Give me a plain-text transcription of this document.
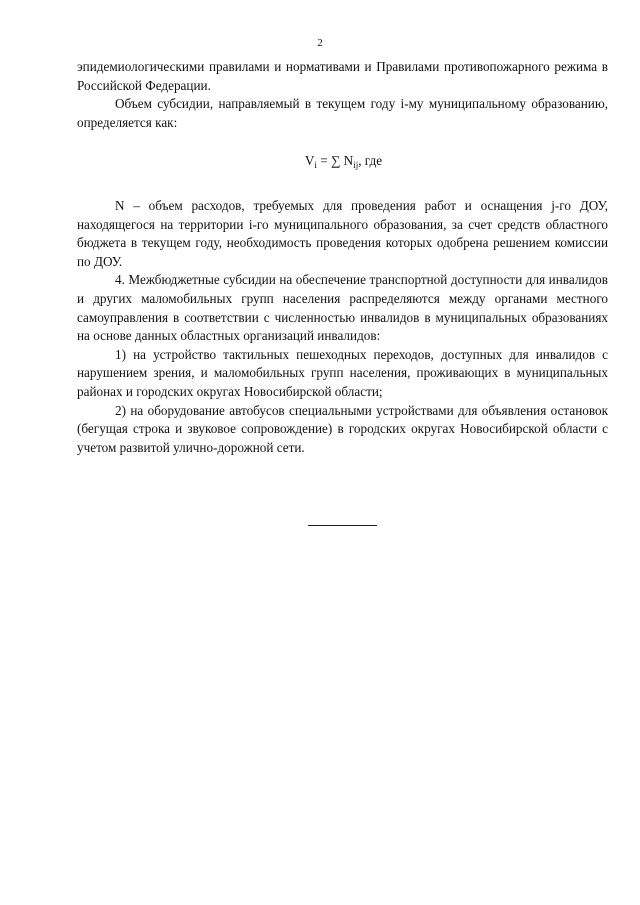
2

эпидемиологическими правилами и нормативами и Правилами противопожарного режима в Российской Федерации.

Объем субсидии, направляемый в текущем году i-му муниципальному образованию, определяется как:

$V_i$ = ∑ $N_{ij}$, где

N – объем расходов, требуемых для проведения работ и оснащения j-го ДОУ, находящегося на территории i-го муниципального образования, за счет средств областного бюджета в текущем году, необходимость проведения которых одобрена решением комиссии по ДОУ.

4. Межбюджетные субсидии на обеспечение транспортной доступности для инвалидов и других маломобильных групп населения распределяются между органами местного самоуправления в соответствии с численностью инвалидов в муниципальных образованиях на основе данных областных организаций инвалидов:

1) на устройство тактильных пешеходных переходов, доступных для инвалидов с нарушением зрения, и маломобильных групп населения, проживающих в муниципальных районах и городских округах Новосибирской области;

2) на оборудование автобусов специальными устройствами для объявления остановок (бегущая строка и звуковое сопровождение) в городских округах Новосибирской области с учетом развитой улично-дорожной сети.
